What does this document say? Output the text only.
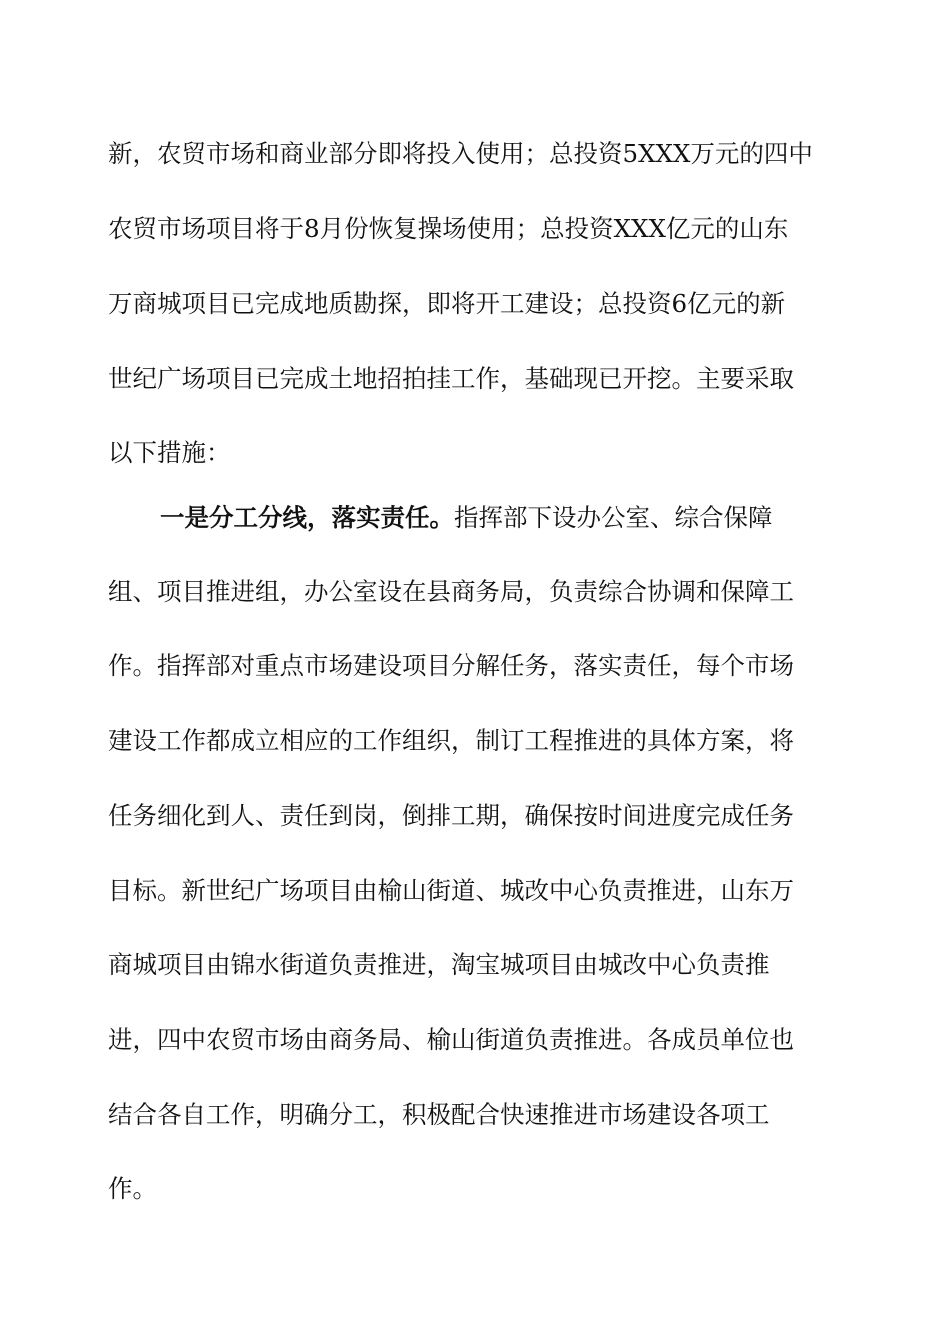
新，农贸市场和商业部分即将投入使用；总投资5XXX万元的四中
农贸市场项目将于8月份恢复操场使用；总投资XXX亿元的山东
万商城项目已完成地质勘探，即将开工建设；总投资6亿元的新
世纪广场项目已完成土地招拍挂工作，基础现已开挖。主要采取
以下措施：
一是分工分线，落实责任。指挥部下设办公室、综合保障
组、项目推进组，办公室设在县商务局，负责综合协调和保障工
作。指挥部对重点市场建设项目分解任务，落实责任，每个市场
建设工作都成立相应的工作组织，制订工程推进的具体方案，将
任务细化到人、责任到岗，倒排工期，确保按时间进度完成任务
目标。新世纪广场项目由榆山街道、城改中心负责推进，山东万
商城项目由锦水街道负责推进，淘宝城项目由城改中心负责推
进，四中农贸市场由商务局、榆山街道负责推进。各成员单位也
结合各自工作，明确分工，积极配合快速推进市场建设各项工
作。
